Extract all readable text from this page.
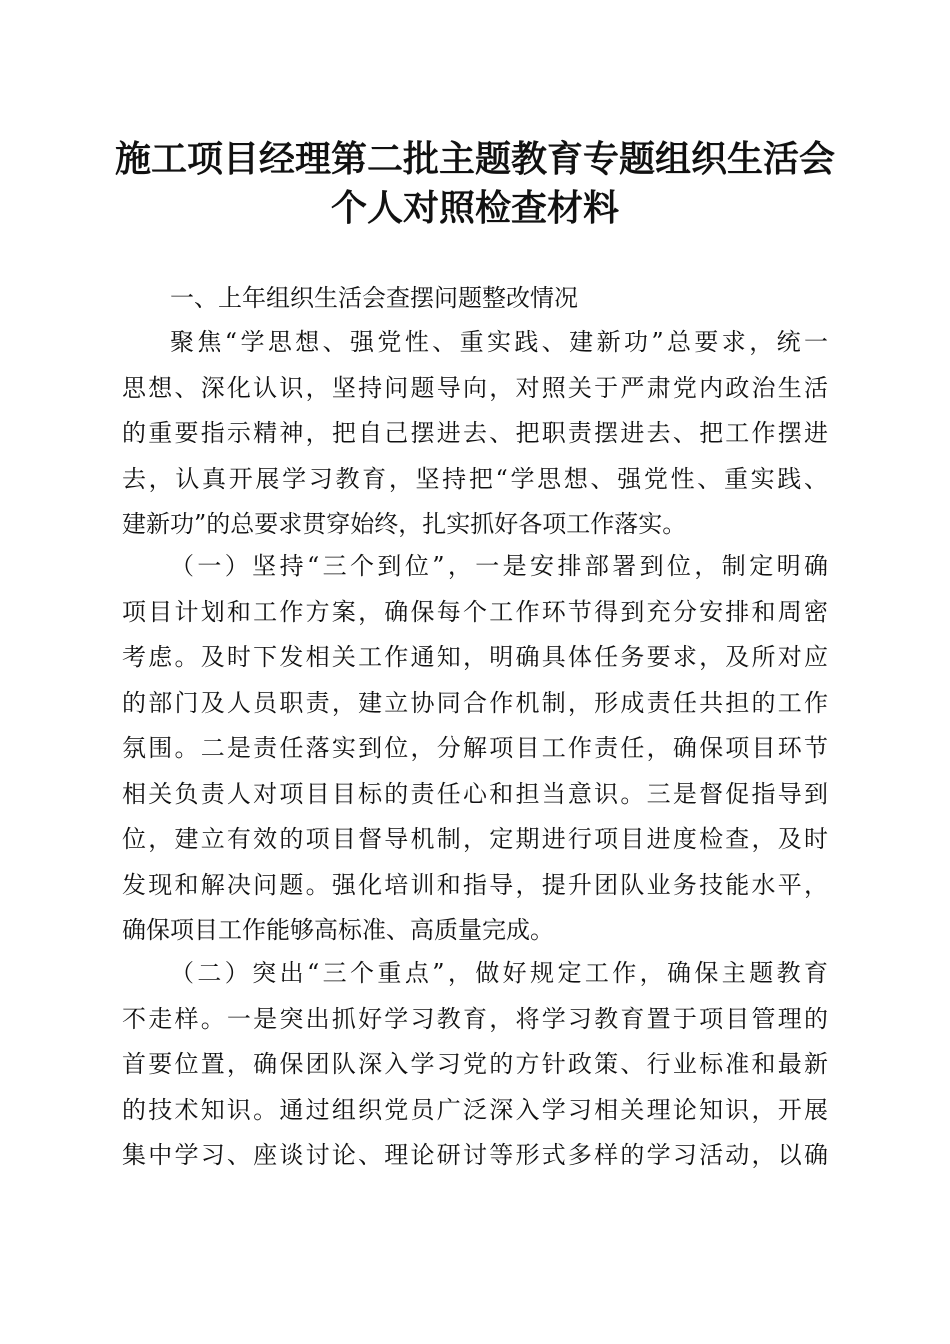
施工项目经理第二批主题教育专题组织生活会
个人对照检查材料
一、上年组织生活会查摆问题整改情况
聚焦“学思想、强党性、重实践、建新功”总要求，统一
思想、深化认识，坚持问题导向，对照关于严肃党内政治生活
的重要指示精神，把自己摆进去、把职责摆进去、把工作摆进
去，认真开展学习教育，坚持把“学思想、强党性、重实践、
建新功”的总要求贯穿始终，扎实抓好各项工作落实。
（一）坚持“三个到位”，一是安排部署到位，制定明确
项目计划和工作方案，确保每个工作环节得到充分安排和周密
考虑。及时下发相关工作通知，明确具体任务要求，及所对应
的部门及人员职责，建立协同合作机制，形成责任共担的工作
氛围。二是责任落实到位，分解项目工作责任，确保项目环节
相关负责人对项目目标的责任心和担当意识。三是督促指导到
位，建立有效的项目督导机制，定期进行项目进度检查，及时
发现和解决问题。强化培训和指导，提升团队业务技能水平，
确保项目工作能够高标准、高质量完成。
（二）突出“三个重点”，做好规定工作，确保主题教育
不走样。一是突出抓好学习教育，将学习教育置于项目管理的
首要位置，确保团队深入学习党的方针政策、行业标准和最新
的技术知识。通过组织党员广泛深入学习相关理论知识，开展
集中学习、座谈讨论、理论研讨等形式多样的学习活动，以确
